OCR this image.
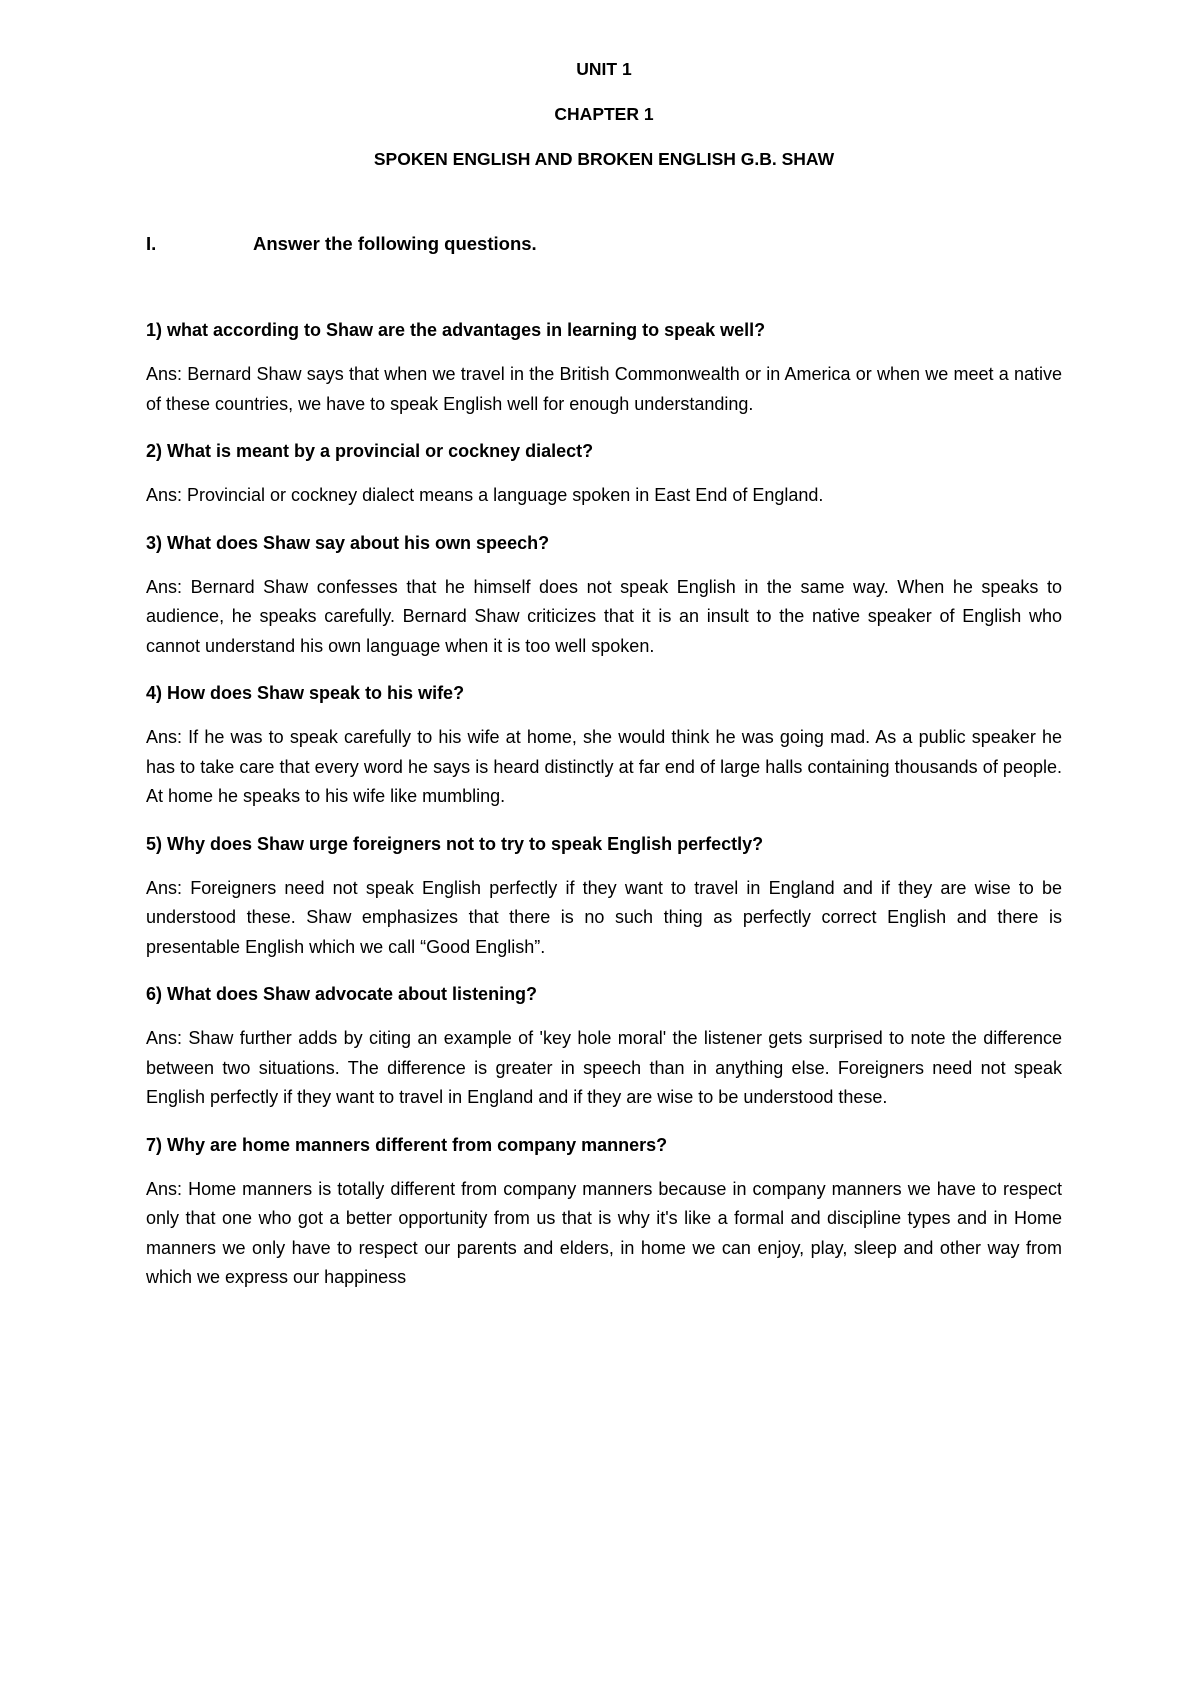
UNIT 1

CHAPTER 1

SPOKEN ENGLISH AND BROKEN ENGLISH G.B. SHAW

I.	Answer the following questions.

1) what according to Shaw are the advantages in learning to speak well?

Ans: Bernard Shaw says that when we travel in the British Commonwealth or in America or when we meet a native of these countries, we have to speak English well for enough understanding.

2) What is meant by a provincial or cockney dialect?

Ans: Provincial or cockney dialect means a language spoken in East End of England.

3) What does Shaw say about his own speech?

Ans: Bernard Shaw confesses that he himself does not speak English in the same way. When he speaks to audience, he speaks carefully. Bernard Shaw criticizes that it is an insult to the native speaker of English who cannot understand his own language when it is too well spoken.

4) How does Shaw speak to his wife?

Ans: If he was to speak carefully to his wife at home, she would think he was going mad. As a public speaker he has to take care that every word he says is heard distinctly at far end of large halls containing thousands of people. At home he speaks to his wife like mumbling.

5) Why does Shaw urge foreigners not to try to speak English perfectly?

Ans: Foreigners need not speak English perfectly if they want to travel in England and if they are wise to be understood these. Shaw emphasizes that there is no such thing as perfectly correct English and there is presentable English which we call “Good English”.

6) What does Shaw advocate about listening?

Ans: Shaw further adds by citing an example of 'key hole moral' the listener gets surprised to note the difference between two situations. The difference is greater in speech than in anything else. Foreigners need not speak English perfectly if they want to travel in England and if they are wise to be understood these.

7) Why are home manners different from company manners?

Ans: Home manners is totally different from company manners because in company manners we have to respect only that one who got a better opportunity from us that is why it's like a formal and discipline types and in Home manners we only have to respect our parents and elders, in home we can enjoy, play, sleep and other way from which we express our happiness
